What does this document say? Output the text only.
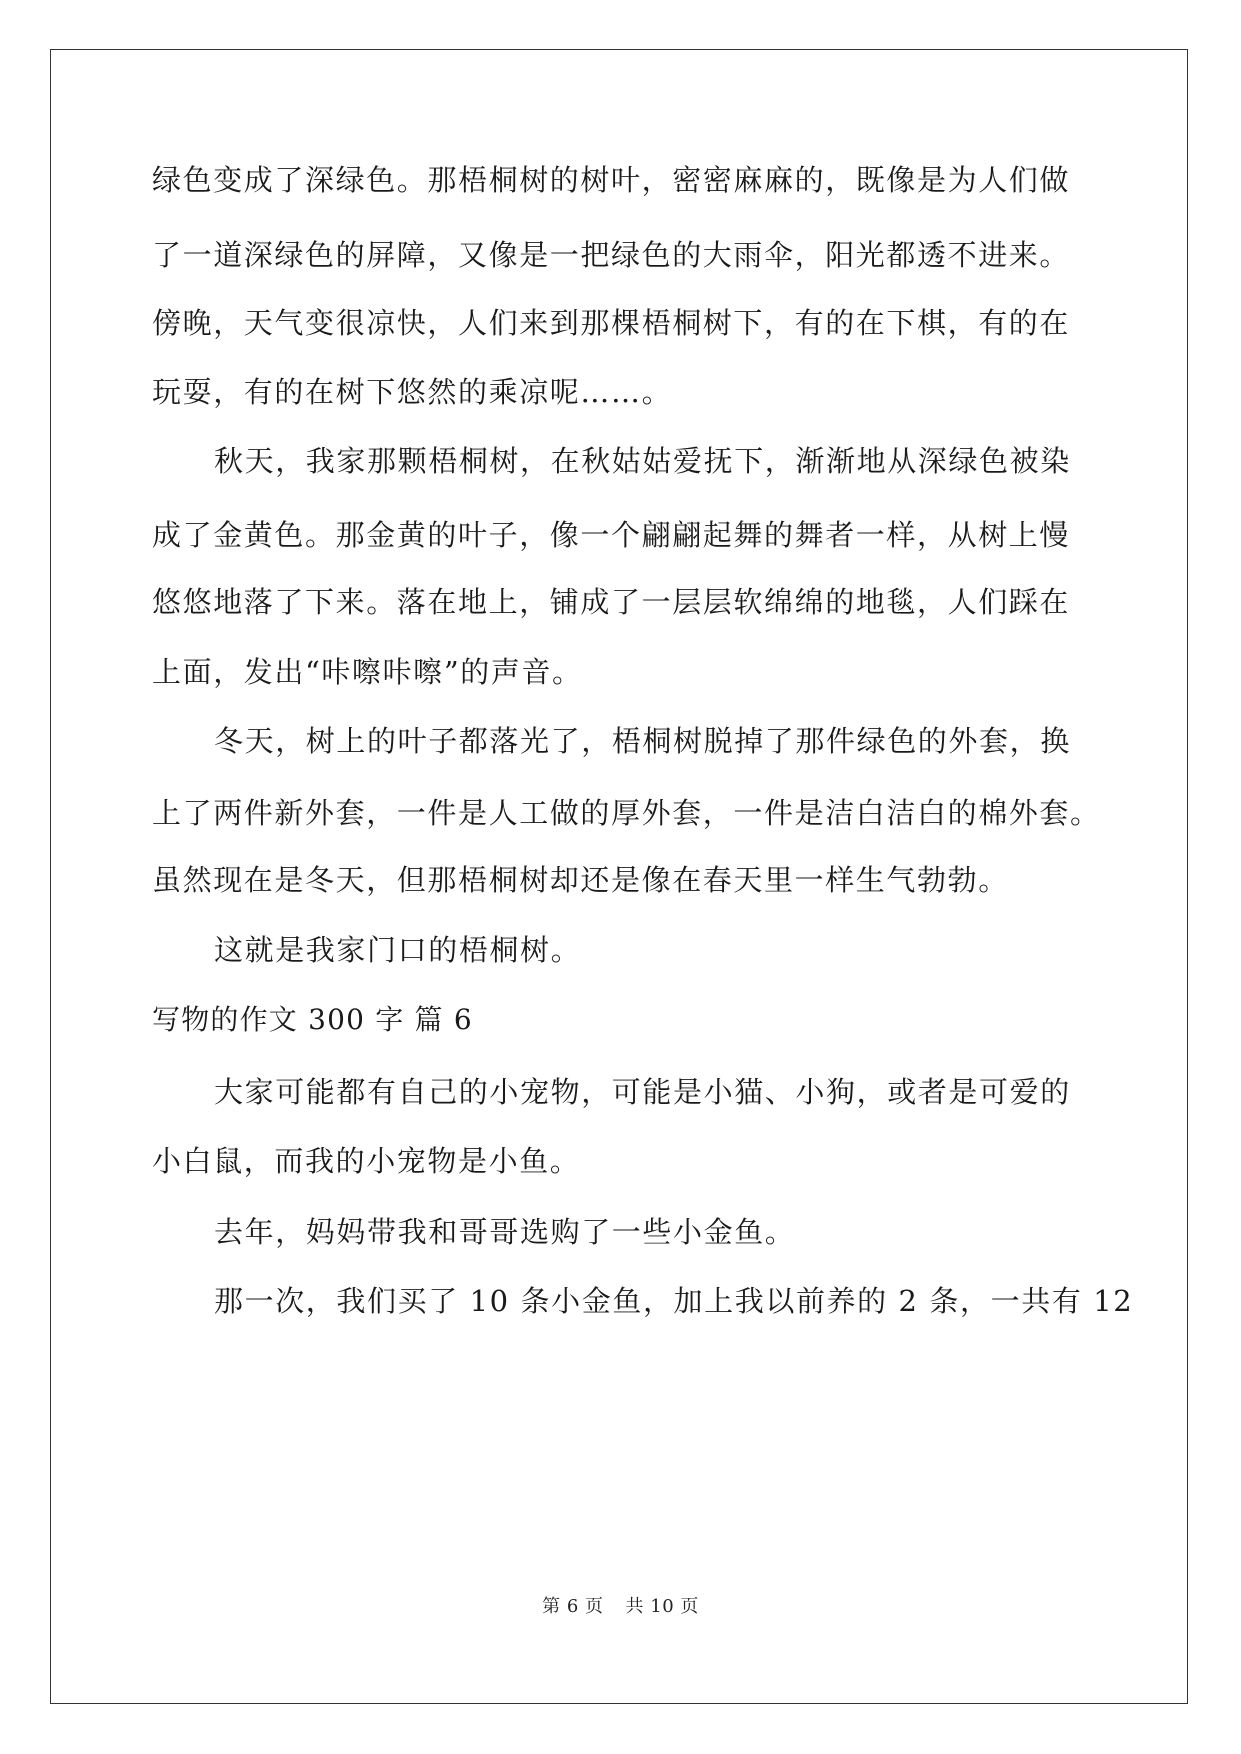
绿色变成了深绿色。那梧桐树的树叶，密密麻麻的，既像是为人们做
了一道深绿色的屏障，又像是一把绿色的大雨伞，阳光都透不进来。
傍晚，天气变很凉快，人们来到那棵梧桐树下，有的在下棋，有的在
玩耍，有的在树下悠然的乘凉呢……。
秋天，我家那颗梧桐树，在秋姑姑爱抚下，渐渐地从深绿色被染
成了金黄色。那金黄的叶子，像一个翩翩起舞的舞者一样，从树上慢
悠悠地落了下来。落在地上，铺成了一层层软绵绵的地毯，人们踩在
上面，发出“咔嚓咔嚓”的声音。
冬天，树上的叶子都落光了，梧桐树脱掉了那件绿色的外套，换
上了两件新外套，一件是人工做的厚外套，一件是洁白洁白的棉外套。
虽然现在是冬天，但那梧桐树却还是像在春天里一样生气勃勃。
这就是我家门口的梧桐树。
写物的作文 300 字 篇 6
大家可能都有自己的小宠物，可能是小猫、小狗，或者是可爱的
小白鼠，而我的小宠物是小鱼。
去年，妈妈带我和哥哥选购了一些小金鱼。
那一次，我们买了 10 条小金鱼，加上我以前养的 2 条，一共有 12
第 6 页 共 10 页
